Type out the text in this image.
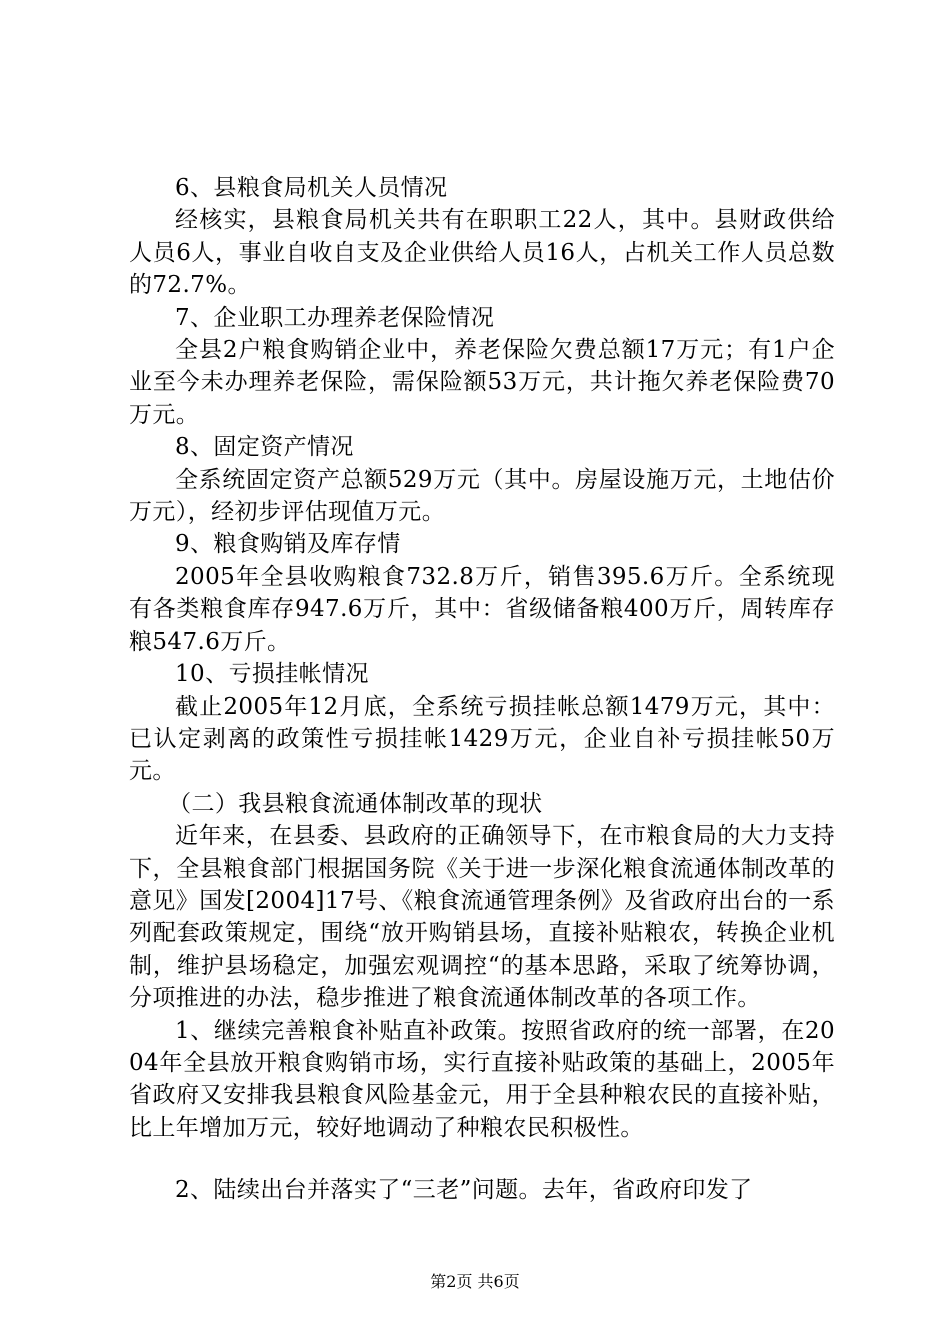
6、县粮食局机关人员情况

经核实，县粮食局机关共有在职职工22人，其中。县财政供给人员6人，事业自收自支及企业供给人员16人，占机关工作人员总数的72.7%。

7、企业职工办理养老保险情况

全县2户粮食购销企业中，养老保险欠费总额17万元；有1户企业至今未办理养老保险，需保险额53万元，共计拖欠养老保险费70万元。

8、固定资产情况

全系统固定资产总额529万元（其中。房屋设施万元，土地估价万元），经初步评估现值万元。

9、粮食购销及库存情

2005年全县收购粮食732.8万斤，销售395.6万斤。全系统现有各类粮食库存947.6万斤，其中：省级储备粮400万斤，周转库存粮547.6万斤。

10、亏损挂帐情况

截止2005年12月底，全系统亏损挂帐总额1479万元，其中：已认定剥离的政策性亏损挂帐1429万元，企业自补亏损挂帐50万元。

（二）我县粮食流通体制改革的现状

近年来，在县委、县政府的正确领导下，在市粮食局的大力支持下，全县粮食部门根据国务院《关于进一步深化粮食流通体制改革的意见》国发[2004]17号、《粮食流通管理条例》及省政府出台的一系列配套政策规定，围绕“放开购销县场，直接补贴粮农，转换企业机制，维护县场稳定，加强宏观调控“的基本思路，采取了统筹协调，分项推进的办法，稳步推进了粮食流通体制改革的各项工作。

1、继续完善粮食补贴直补政策。按照省政府的统一部署，在2004年全县放开粮食购销市场，实行直接补贴政策的基础上，2005年省政府又安排我县粮食风险基金元，用于全县种粮农民的直接补贴，比上年增加万元，较好地调动了种粮农民积极性。

2、陆续出台并落实了“三老”问题。去年，省政府印发了

第2页 共6页
